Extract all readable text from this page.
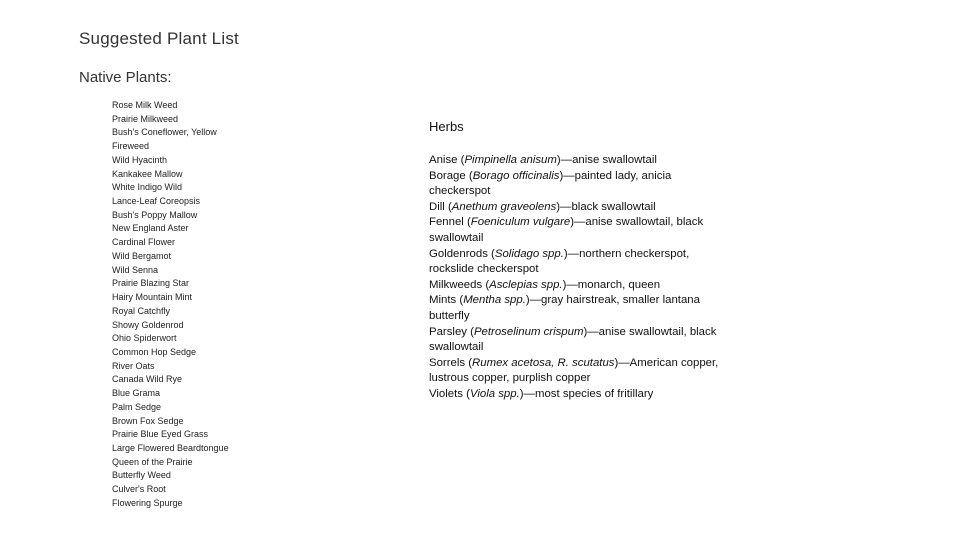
Suggested Plant List
Native Plants:
Rose Milk Weed
Prairie Milkweed
Bush's Coneflower, Yellow
Fireweed
Wild Hyacinth
Kankakee Mallow
White Indigo Wild
Lance-Leaf Coreopsis
Bush's Poppy Mallow
New England Aster
Cardinal Flower
Wild Bergamot
Wild Senna
Prairie Blazing Star
Hairy Mountain Mint
Royal Catchfly
Showy Goldenrod
Ohio Spiderwort
Common Hop Sedge
River Oats
Canada Wild Rye
Blue Grama
Palm Sedge
Brown Fox Sedge
Prairie Blue Eyed Grass
Large Flowered Beardtongue
Queen of the Prairie
Butterfly Weed
Culver's Root
Flowering Spurge
Herbs
Anise (Pimpinella anisum)—anise swallowtail
Borage (Borago officinalis)—painted lady, anicia checkerspot
Dill (Anethum graveolens)—black swallowtail
Fennel (Foeniculum vulgare)—anise swallowtail, black swallowtail
Goldenrods (Solidago spp.)—northern checkerspot, rockslide checkerspot
Milkweeds (Asclepias spp.)—monarch, queen
Mints (Mentha spp.)—gray hairstreak, smaller lantana butterfly
Parsley (Petroselinum crispum)—anise swallowtail, black swallowtail
Sorrels (Rumex acetosa, R. scutatus)—American copper, lustrous copper, purplish copper
Violets (Viola spp.)—most species of fritillary
